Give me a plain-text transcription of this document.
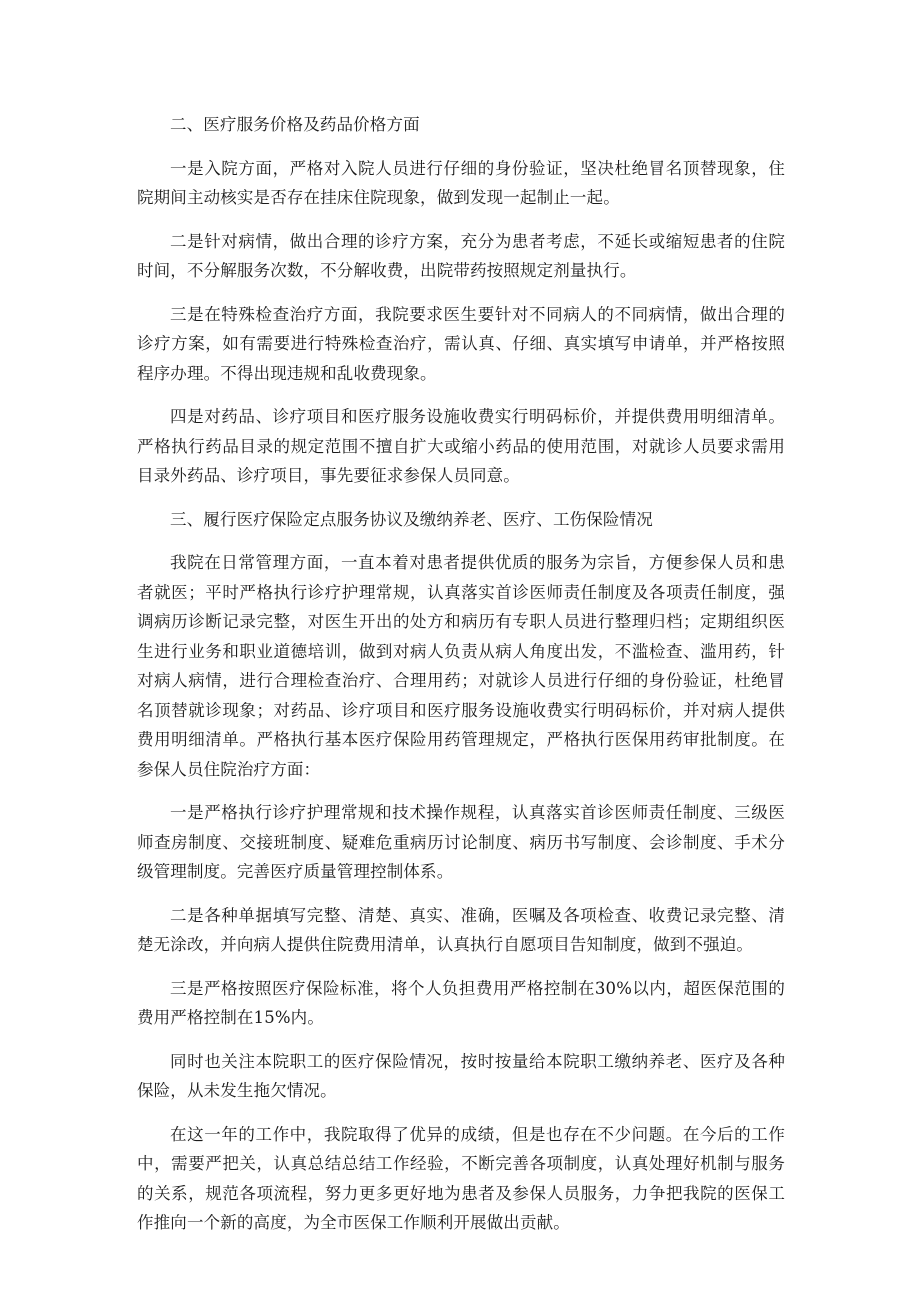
二、医疗服务价格及药品价格方面

一是入院方面，严格对入院人员进行仔细的身份验证，坚决杜绝冒名顶替现象，住院期间主动核实是否存在挂床住院现象，做到发现一起制止一起。

二是针对病情，做出合理的诊疗方案，充分为患者考虑，不延长或缩短患者的住院时间，不分解服务次数，不分解收费，出院带药按照规定剂量执行。

三是在特殊检查治疗方面，我院要求医生要针对不同病人的不同病情，做出合理的诊疗方案，如有需要进行特殊检查治疗，需认真、仔细、真实填写申请单，并严格按照程序办理。不得出现违规和乱收费现象。

四是对药品、诊疗项目和医疗服务设施收费实行明码标价，并提供费用明细清单。严格执行药品目录的规定范围不擅自扩大或缩小药品的使用范围，对就诊人员要求需用目录外药品、诊疗项目，事先要征求参保人员同意。

三、履行医疗保险定点服务协议及缴纳养老、医疗、工伤保险情况

我院在日常管理方面，一直本着对患者提供优质的服务为宗旨，方便参保人员和患者就医；平时严格执行诊疗护理常规，认真落实首诊医师责任制度及各项责任制度，强调病历诊断记录完整，对医生开出的处方和病历有专职人员进行整理归档；定期组织医生进行业务和职业道德培训，做到对病人负责从病人角度出发，不滥检查、滥用药，针对病人病情，进行合理检查治疗、合理用药；对就诊人员进行仔细的身份验证，杜绝冒名顶替就诊现象；对药品、诊疗项目和医疗服务设施收费实行明码标价，并对病人提供费用明细清单。严格执行基本医疗保险用药管理规定，严格执行医保用药审批制度。在参保人员住院治疗方面：

一是严格执行诊疗护理常规和技术操作规程，认真落实首诊医师责任制度、三级医师查房制度、交接班制度、疑难危重病历讨论制度、病历书写制度、会诊制度、手术分级管理制度。完善医疗质量管理控制体系。

二是各种单据填写完整、清楚、真实、准确，医嘱及各项检查、收费记录完整、清楚无涂改，并向病人提供住院费用清单，认真执行自愿项目告知制度，做到不强迫。

三是严格按照医疗保险标准，将个人负担费用严格控制在30%以内，超医保范围的费用严格控制在15%内。

同时也关注本院职工的医疗保险情况，按时按量给本院职工缴纳养老、医疗及各种保险，从未发生拖欠情况。

在这一年的工作中，我院取得了优异的成绩，但是也存在不少问题。在今后的工作中，需要严把关，认真总结总结工作经验，不断完善各项制度，认真处理好机制与服务的关系，规范各项流程，努力更多更好地为患者及参保人员服务，力争把我院的医保工作推向一个新的高度，为全市医保工作顺利开展做出贡献。
